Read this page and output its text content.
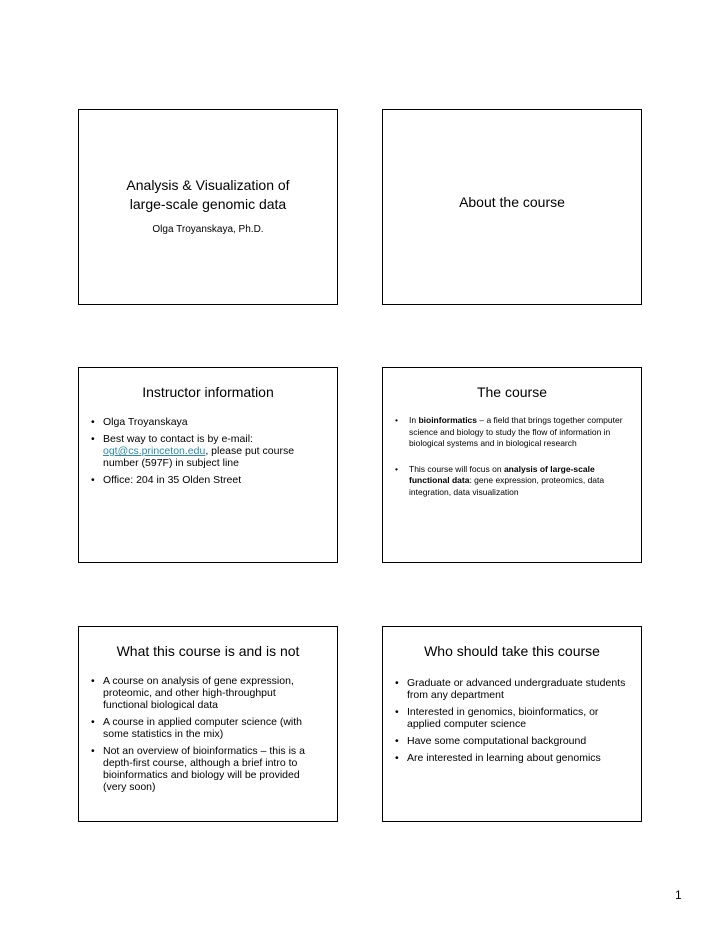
Analysis & Visualization of
large-scale genomic data
Olga Troyanskaya, Ph.D.
About the course
Instructor information
• Olga Troyanskaya
• Best way to contact is by e-mail: ogt@cs.princeton.edu, please put course number (597F) in subject line
• Office: 204 in 35 Olden Street
The course
• In bioinformatics – a field that brings together computer science and biology to study the flow of information in biological systems and in biological research
• This course will focus on analysis of large-scale functional data: gene expression, proteomics, data integration, data visualization
What this course is and is not
• A course on analysis of gene expression, proteomic, and other high-throughput functional biological data
• A course in applied computer science (with some statistics in the mix)
• Not an overview of bioinformatics – this is a depth-first course, although a brief intro to bioinformatics and biology will be provided (very soon)
Who should take this course
• Graduate or advanced undergraduate students from any department
• Interested in genomics, bioinformatics, or applied computer science
• Have some computational background
• Are interested in learning about genomics
1
